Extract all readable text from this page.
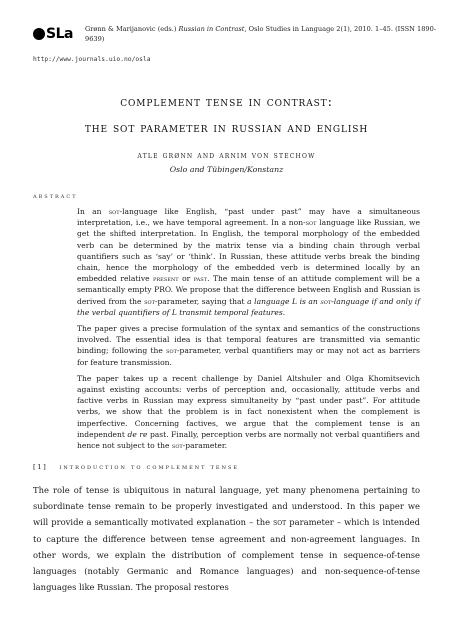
SLa Grønn & Marijanovic (eds.) Russian in Contrast, Oslo Studies in Language 2(1), 2010. 1–45. (ISSN 1890-9639)
http://www.journals.uio.no/osla
complement tense in contrast:
the sot parameter in russian and english
atle grønn and arnim von stechow
Oslo and Tübingen/Konstanz
abstract

In an sot-language like English, “past under past” may have a simultaneous interpretation, i.e., we have temporal agreement. In a non-sot language like Russian, we get the shifted interpretation. In English, the temporal morphology of the embedded verb can be determined by the matrix tense via a binding chain through verbal quantifiers such as ‘say’ or ‘think’. In Russian, these attitude verbs break the binding chain, hence the morphology of the embedded verb is determined locally by an embedded relative present or past. The main tense of an attitude complement will be a semantically empty PRO. We propose that the difference between English and Russian is derived from the sot-parameter, saying that a language L is an sot-language if and only if the verbal quantifiers of L transmit temporal features.

The paper gives a precise formulation of the syntax and semantics of the constructions involved. The essential idea is that temporal features are transmitted via semantic binding; following the sot-parameter, verbal quantifiers may or may not act as barriers for feature transmission.

The paper takes up a recent challenge by Daniel Altshuler and Olga Khomitsevich against existing accounts: verbs of perception and, occasionally, attitude verbs and factive verbs in Russian may express simultaneity by “past under past”. For attitude verbs, we show that the problem is in fact nonexistent when the complement is imperfective. Concerning factives, we argue that the complement tense is an independent de re past. Finally, perception verbs are normally not verbal quantifiers and hence not subject to the sot-parameter.

[1] introduction to complement tense

The role of tense is ubiquitous in natural language, yet many phenomena pertaining to subordinate tense remain to be properly investigated and understood. In this paper we will provide a semantically motivated explanation – the sot parameter – which is intended to capture the difference between tense agreement and non-agreement languages. In other words, we explain the distribution of complement tense in sequence-of-tense languages (notably Germanic and Romance languages) and non-sequence-of-tense languages like Russian. The proposal restores
